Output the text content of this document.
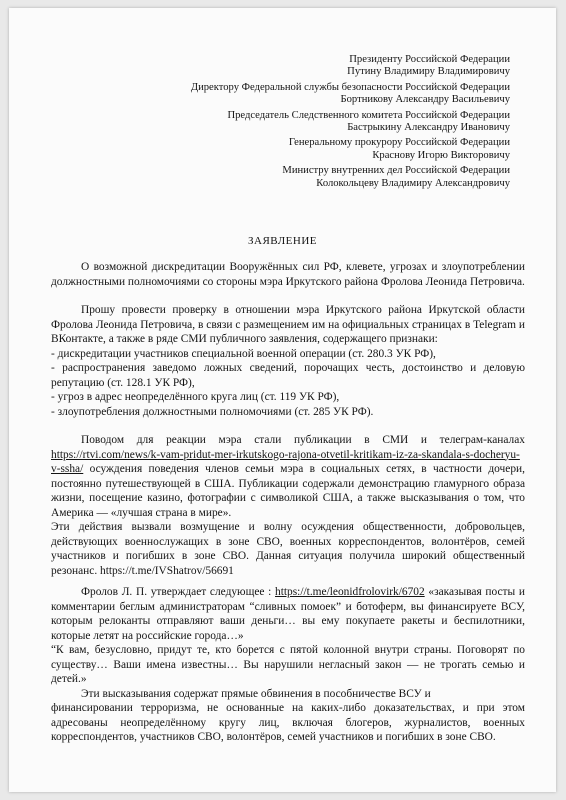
Президенту Российской Федерации
Путину Владимиру Владимировичу
Директору Федеральной службы безопасности Российской Федерации
Бортникову Александру Васильевичу
Председатель Следственного комитета Российской Федерации
Бастрыкину Александру Ивановичу
Генеральному прокурору Российской Федерации
Краснову Игорю Викторовичу
Министру внутренних дел Российской Федерации
Колокольцеву Владимиру Александровичу
ЗАЯВЛЕНИЕ
О возможной дискредитации Вооружённых сил РФ, клевете, угрозах и злоупотреблении должностными полномочиями со стороны мэра Иркутского района Фролова Леонида Петровича.
Прошу провести проверку в отношении мэра Иркутского района Иркутской области Фролова Леонида Петровича, в связи с размещением им на официальных страницах в Telegram и ВКонтакте, а также в ряде СМИ публичного заявления, содержащего признаки:
- дискредитации участников специальной военной операции (ст. 280.3 УК РФ),
- распространения заведомо ложных сведений, порочащих честь, достоинство и деловую репутацию (ст. 128.1 УК РФ),
- угроз в адрес неопределённого круга лиц (ст. 119 УК РФ),
- злоупотребления должностными полномочиями (ст. 285 УК РФ).
Поводом для реакции мэра стали публикации в СМИ и телеграм-каналах https://rtvi.com/news/k-vam-pridut-mer-irkutskogo-rajona-otvetil-kritikam-iz-za-skandala-s-docheryu-v-ssha/ осуждения поведения членов семьи мэра в социальных сетях, в частности дочери, постоянно путешествующей в США. Публикации содержали демонстрацию гламурного образа жизни, посещение казино, фотографии с символикой США, а также высказывания о том, что Америка — «лучшая страна в мире».
Эти действия вызвали возмущение и волну осуждения общественности, добровольцев, действующих военнослужащих в зоне СВО, военных корреспондентов, волонтёров, семей участников и погибших в зоне СВО. Данная ситуация получила широкий общественный резонанс. https://t.me/IVShatrov/56691
Фролов Л. П. утверждает следующее : https://t.me/leonidfrolovirk/6702 «заказывая посты и комментарии беглым администраторам “сливных помоек” и ботоферм, вы финансируете ВСУ, которым релоканты отправляют ваши деньги… вы ему покупаете ракеты и беспилотники, которые летят на российские города…»
“К вам, безусловно, придут те, кто борется с пятой колонной внутри страны. Поговорят по существу… Ваши имена известны… Вы нарушили негласный закон — не трогать семью и детей.»
Эти высказывания содержат прямые обвинения в пособничестве ВСУ и
финансировании терроризма, не основанные на каких-либо доказательствах, и при этом адресованы неопределённому кругу лиц, включая блогеров, журналистов, военных корреспондентов, участников СВО, волонтёров, семей участников и погибших в зоне СВО.
